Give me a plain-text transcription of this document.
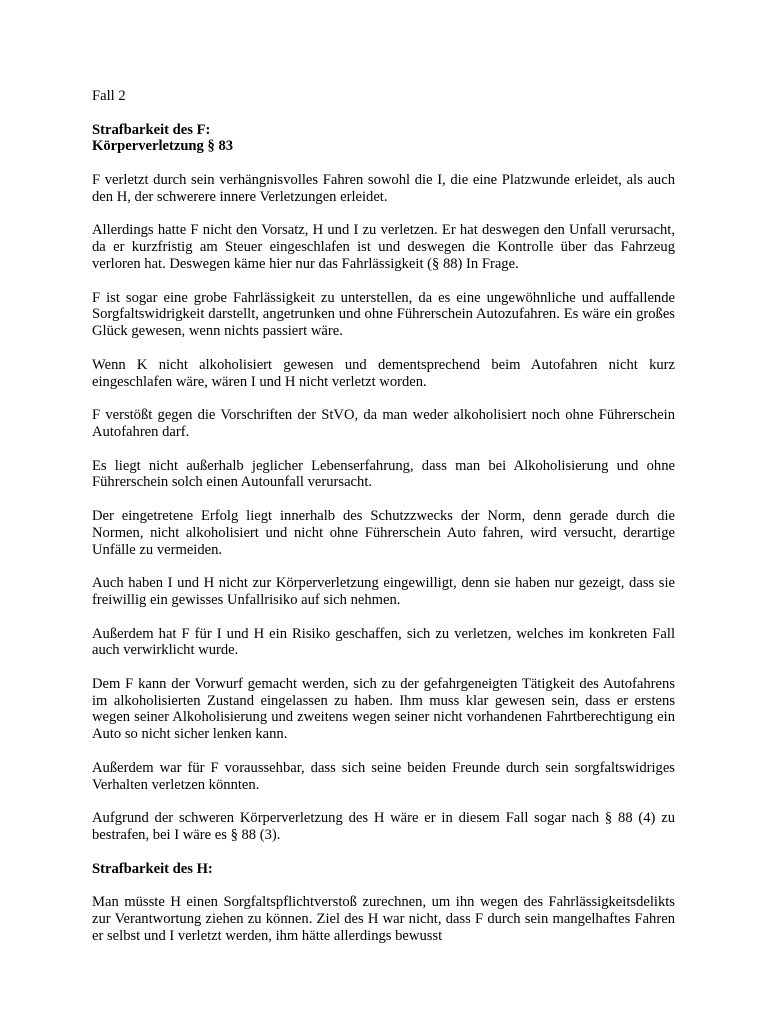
Fall 2

Strafbarkeit des F:
Körperverletzung § 83

F verletzt durch sein verhängnisvolles Fahren sowohl die I, die eine Platzwunde erleidet, als auch den H, der schwerere innere Verletzungen erleidet.

Allerdings hatte F nicht den Vorsatz, H und I zu verletzen. Er hat deswegen den Unfall verursacht, da er kurzfristig am Steuer eingeschlafen ist und deswegen die Kontrolle über das Fahrzeug verloren hat. Deswegen käme hier nur das Fahrlässigkeit (§ 88) In Frage.

F ist sogar eine grobe Fahrlässigkeit zu unterstellen, da es eine ungewöhnliche und auffallende Sorgfaltswidrigkeit darstellt, angetrunken und ohne Führerschein Autozufahren. Es wäre ein großes Glück gewesen, wenn nichts passiert wäre.

Wenn K nicht alkoholisiert gewesen und dementsprechend beim Autofahren nicht kurz eingeschlafen wäre, wären I und H nicht verletzt worden.

F verstößt gegen die Vorschriften der StVO, da man weder alkoholisiert noch ohne Führerschein Autofahren darf.

Es liegt nicht außerhalb jeglicher Lebenserfahrung, dass man bei Alkoholisierung und ohne Führerschein solch einen Autounfall verursacht.

Der eingetretene Erfolg liegt innerhalb des Schutzzwecks der Norm, denn gerade durch die Normen, nicht alkoholisiert und nicht ohne Führerschein Auto fahren, wird versucht, derartige Unfälle zu vermeiden.

Auch haben I und H nicht zur Körperverletzung eingewilligt, denn sie haben nur gezeigt, dass sie freiwillig ein gewisses Unfallrisiko auf sich nehmen.

Außerdem hat F für I und H ein Risiko geschaffen, sich zu verletzen, welches im konkreten Fall auch verwirklicht wurde.

Dem F kann der Vorwurf gemacht werden, sich zu der gefahrgeneigten Tätigkeit des Autofahrens im alkoholisierten Zustand eingelassen zu haben. Ihm muss klar gewesen sein, dass er erstens wegen seiner Alkoholisierung und zweitens wegen seiner nicht vorhandenen Fahrtberechtigung ein Auto so nicht sicher lenken kann.

Außerdem war für F voraussehbar, dass sich seine beiden Freunde durch sein sorgfaltswidriges Verhalten verletzen könnten.

Aufgrund der schweren Körperverletzung des H wäre er in diesem Fall sogar nach § 88 (4) zu bestrafen, bei I wäre es § 88 (3).

Strafbarkeit des H:

Man müsste H einen Sorgfaltspflichtverstoß zurechnen, um ihn wegen des Fahrlässigkeitsdelikts zur Verantwortung ziehen zu können. Ziel des H war nicht, dass F durch sein mangelhaftes Fahren er selbst und I verletzt werden, ihm hätte allerdings bewusst
